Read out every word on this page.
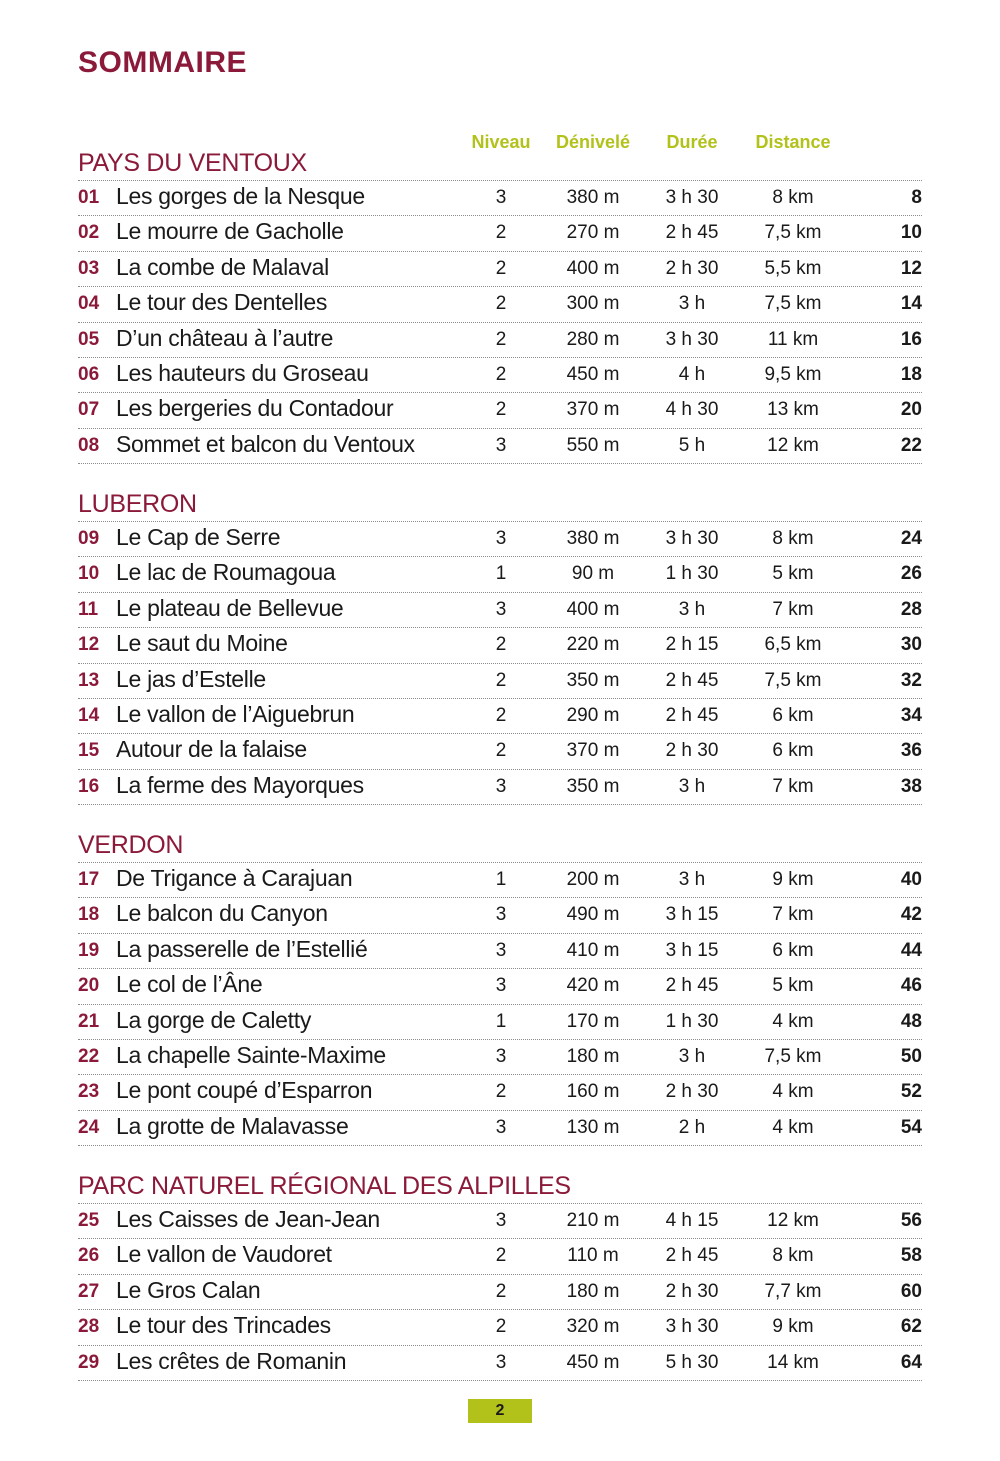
SOMMAIRE
Niveau	Dénivelé	Durée	Distance
PAYS DU VENTOUX
01 Les gorges de la Nesque	3	380 m	3 h 30	8 km	8
02 Le mourre de Gacholle	2	270 m	2 h 45	7,5 km	10
03 La combe de Malaval	2	400 m	2 h 30	5,5 km	12
04 Le tour des Dentelles	2	300 m	3 h	7,5 km	14
05 D’un château à l’autre	2	280 m	3 h 30	11 km	16
06 Les hauteurs du Groseau	2	450 m	4 h	9,5 km	18
07 Les bergeries du Contadour	2	370 m	4 h 30	13 km	20
08 Sommet et balcon du Ventoux	3	550 m	5 h	12 km	22
LUBERON
09 Le Cap de Serre	3	380 m	3 h 30	8 km	24
10 Le lac de Roumagoua	1	90 m	1 h 30	5 km	26
11 Le plateau de Bellevue	3	400 m	3 h	7 km	28
12 Le saut du Moine	2	220 m	2 h 15	6,5 km	30
13 Le jas d’Estelle	2	350 m	2 h 45	7,5 km	32
14 Le vallon de l’Aiguebrun	2	290 m	2 h 45	6 km	34
15 Autour de la falaise	2	370 m	2 h 30	6 km	36
16 La ferme des Mayorques	3	350 m	3 h	7 km	38
VERDON
17 De Trigance à Carajuan	1	200 m	3 h	9 km	40
18 Le balcon du Canyon	3	490 m	3 h 15	7 km	42
19 La passerelle de l’Estellié	3	410 m	3 h 15	6 km	44
20 Le col de l’Âne	3	420 m	2 h 45	5 km	46
21 La gorge de Caletty	1	170 m	1 h 30	4 km	48
22 La chapelle Sainte-Maxime	3	180 m	3 h	7,5 km	50
23 Le pont coupé d’Esparron	2	160 m	2 h 30	4 km	52
24 La grotte de Malavasse	3	130 m	2 h	4 km	54
PARC NATUREL RÉGIONAL DES ALPILLES
25 Les Caisses de Jean-Jean	3	210 m	4 h 15	12 km	56
26 Le vallon de Vaudoret	2	110 m	2 h 45	8 km	58
27 Le Gros Calan	2	180 m	2 h 30	7,7 km	60
28 Le tour des Trincades	2	320 m	3 h 30	9 km	62
29 Les crêtes de Romanin	3	450 m	5 h 30	14 km	64
2
